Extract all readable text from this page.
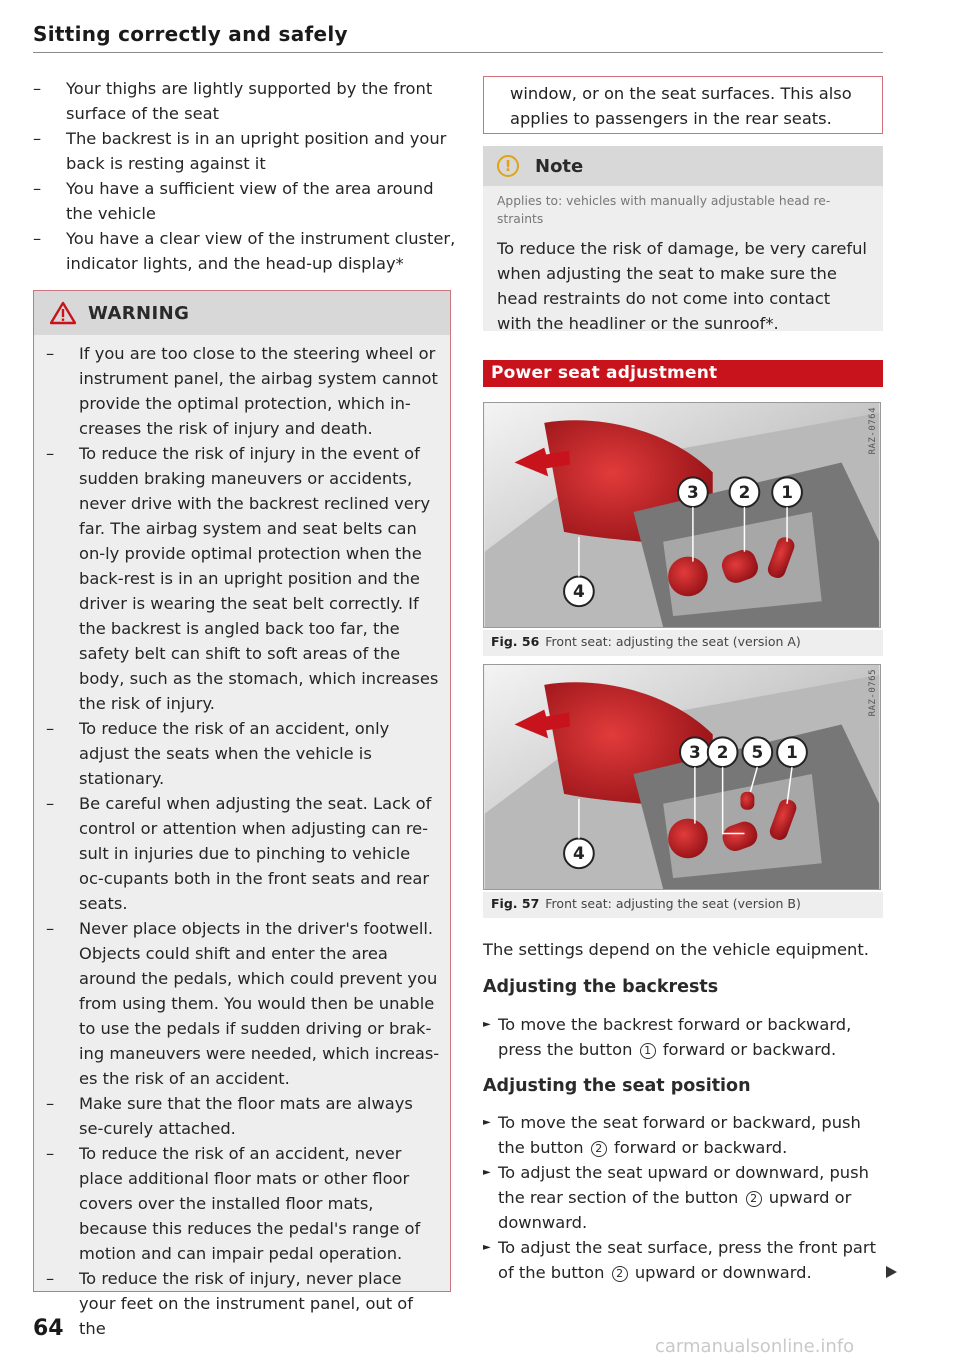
Sitting correctly and safely
– Your thighs are lightly supported by the front surface of the seat
– The backrest is in an upright position and your back is resting against it
– You have a sufficient view of the area around the vehicle
– You have a clear view of the instrument cluster, indicator lights, and the head-up display*
WARNING
– If you are too close to the steering wheel or instrument panel, the airbag system cannot provide the optimal protection, which in-creases the risk of injury and death.
– To reduce the risk of injury in the event of sudden braking maneuvers or accidents, never drive with the backrest reclined very far. The airbag system and seat belts can on-ly provide optimal protection when the back-rest is in an upright position and the driver is wearing the seat belt correctly. If the backrest is angled back too far, the safety belt can shift to soft areas of the body, such as the stomach, which increases the risk of injury.
– To reduce the risk of an accident, only adjust the seats when the vehicle is stationary.
– Be careful when adjusting the seat. Lack of control or attention when adjusting can re-sult in injuries due to pinching to vehicle oc-cupants both in the front seats and rear seats.
– Never place objects in the driver's footwell. Objects could shift and enter the area around the pedals, which could prevent you from using them. You would then be unable to use the pedals if sudden driving or brak-ing maneuvers were needed, which increas-es the risk of an accident.
– Make sure that the floor mats are always se-curely attached.
– To reduce the risk of an accident, never place additional floor mats or other floor covers over the installed floor mats, because this reduces the pedal's range of motion and can impair pedal operation.
– To reduce the risk of injury, never place your feet on the instrument panel, out of the
window, or on the seat surfaces. This also applies to passengers in the rear seats.
!	Note
Applies to: vehicles with manually adjustable head re-straints
To reduce the risk of damage, be very careful when adjusting the seat to make sure the head restraints do not come into contact with the headliner or the sunroof*.
Power seat adjustment
3 2 1
4
RAZ-0764
Fig. 56 Front seat: adjusting the seat (version A)
3 2 5 1
4
RAZ-0765
Fig. 57 Front seat: adjusting the seat (version B)
The settings depend on the vehicle equipment.
Adjusting the backrests
► To move the backrest forward or backward, press the button 1 forward or backward.
Adjusting the seat position
► To move the seat forward or backward, push the button 2 forward or backward.
► To adjust the seat upward or downward, push the rear section of the button 2 upward or downward.
► To adjust the seat surface, press the front part of the button 2 upward or downward.
64
carmanualsonline.info
